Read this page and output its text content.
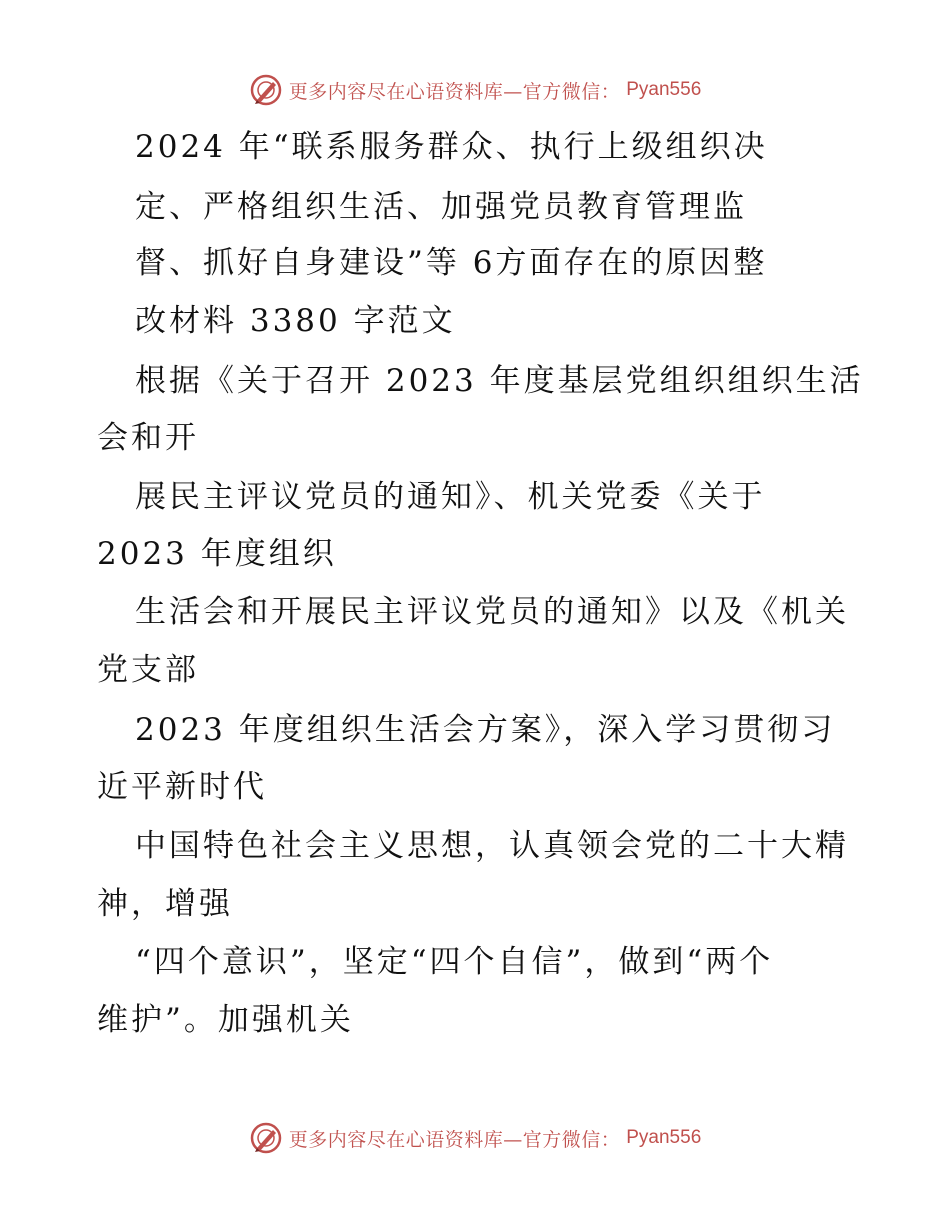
更多内容尽在心语资料库—官方微信： Pyan556
2024 年“联系服务群众、执行上级组织决
定、严格组织生活、加强党员教育管理监
督、抓好自身建设”等 6方面存在的原因整
改材料 3380 字范文
根据《关于召开 2023 年度基层党组织组织生活
会和开
展民主评议党员的通知》、机关党委《关于
2023 年度组织
生活会和开展民主评议党员的通知》以及《机关
党支部
2023 年度组织生活会方案》，深入学习贯彻习
近平新时代
中国特色社会主义思想，认真领会党的二十大精
神，增强
“四个意识”，坚定“四个自信”，做到“两个
维护”。加强机关
更多内容尽在心语资料库—官方微信： Pyan556
